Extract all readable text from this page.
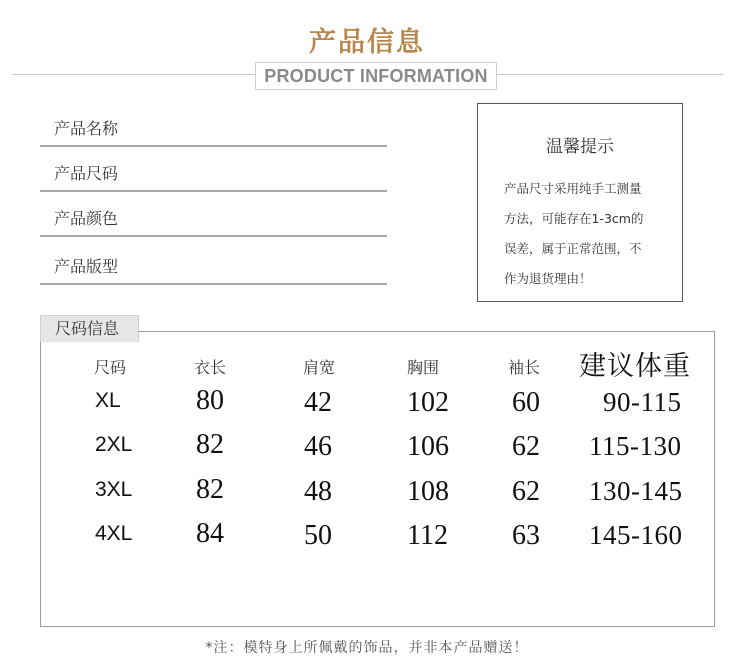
产品信息
PRODUCT INFORMATION
产品名称
产品尺码
产品颜色
产品版型
温馨提示
产品尺寸采用纯手工测量
方法，可能存在1-3cm的
误差，属于正常范围，不
作为退货理由！
尺码信息
尺码	衣长	肩宽	胸围	袖长 建议体重
XL	80	42	102 60 90-115
2XL 82	46	106 62 115-130
3XL 82	48	108 62 130-145
4XL 84	50	112 63 145-160
*注：模特身上所佩戴的饰品，并非本产品赠送！
